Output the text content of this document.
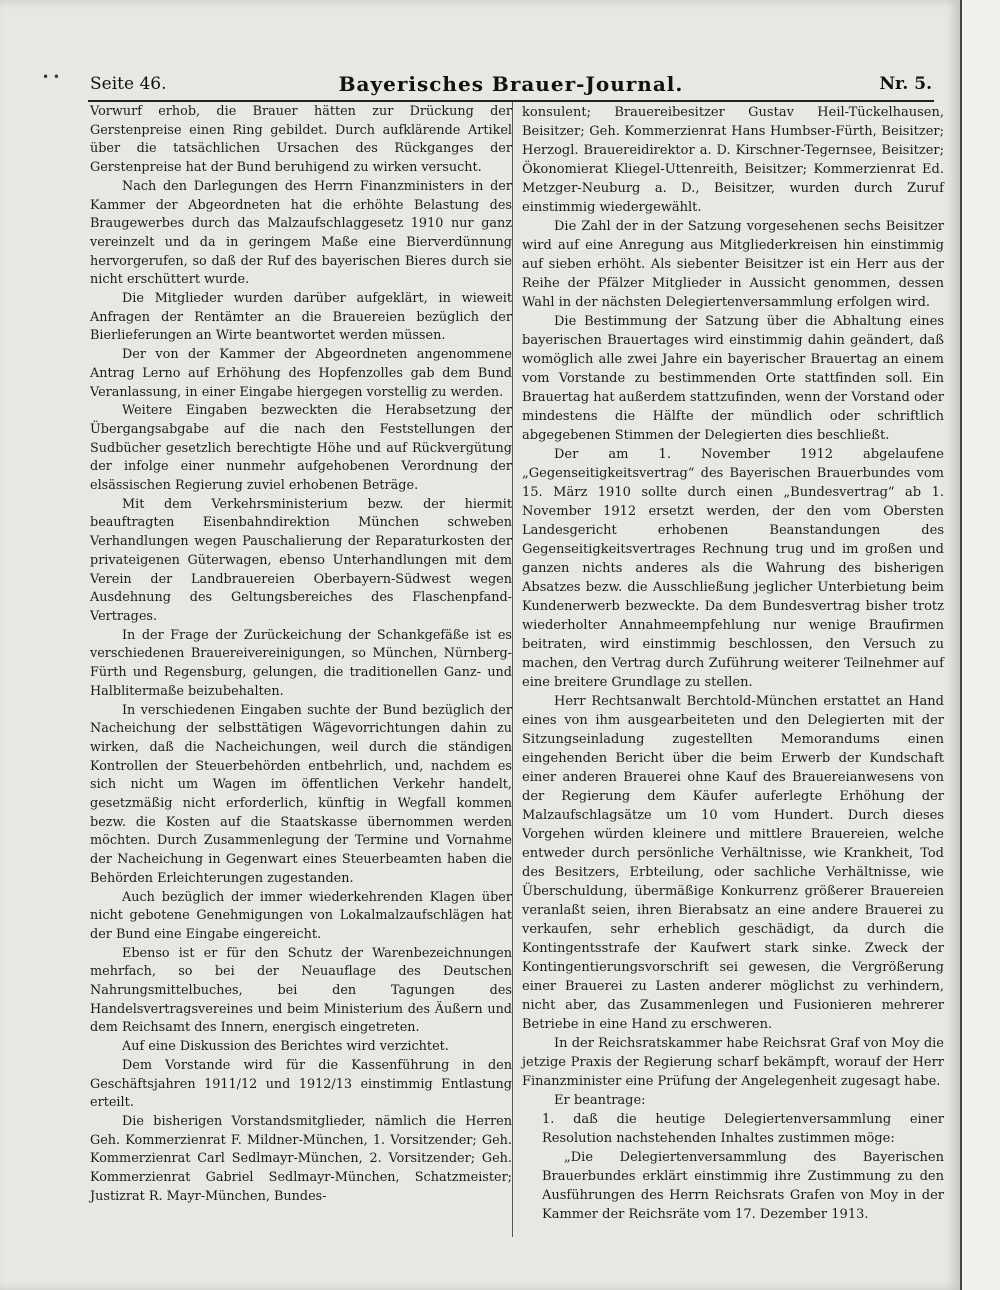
• • Seite 46.	Bayerisches Brauer-Journal.	Nr. 5.

Vorwurf erhob, die Brauer hätten zur Drückung der Gerstenpreise einen Ring gebildet. Durch aufklärende Artikel über die tatsächlichen Ursachen des Rückganges der Gerstenpreise hat der Bund beruhigend zu wirken versucht.

Nach den Darlegungen des Herrn Finanzministers in der Kammer der Abgeordneten hat die erhöhte Belastung des Braugewerbes durch das Malzaufschlaggesetz 1910 nur ganz vereinzelt und da in geringem Maße eine Bierverdünnung hervorgerufen, so daß der Ruf des bayerischen Bieres durch sie nicht erschüttert wurde.

Die Mitglieder wurden darüber aufgeklärt, in wieweit Anfragen der Rentämter an die Brauereien bezüglich der Bierlieferungen an Wirte beantwortet werden müssen.

Der von der Kammer der Abgeordneten angenommene Antrag Lerno auf Erhöhung des Hopfenzolles gab dem Bund Veranlassung, in einer Eingabe hiergegen vorstellig zu werden.

Weitere Eingaben bezweckten die Herabsetzung der Übergangsabgabe auf die nach den Feststellungen der Sudbücher gesetzlich berechtigte Höhe und auf Rückvergütung der infolge einer nunmehr aufgehobenen Verordnung der elsässischen Regierung zuviel erhobenen Beträge.

Mit dem Verkehrsministerium bezw. der hiermit beauftragten Eisenbahndirektion München schweben Verhandlungen wegen Pauschalierung der Reparaturkosten der privateigenen Güterwagen, ebenso Unterhandlungen mit dem Verein der Landbrauereien Oberbayern-Südwest wegen Ausdehnung des Geltungsbereiches des Flaschenpfand-Vertrages.

In der Frage der Zurückeichung der Schankgefäße ist es verschiedenen Brauereivereinigungen, so München, Nürnberg-Fürth und Regensburg, gelungen, die traditionellen Ganz- und Halblitermaße beizubehalten.

In verschiedenen Eingaben suchte der Bund bezüglich der Nacheichung der selbsttätigen Wägevorrichtungen dahin zu wirken, daß die Nacheichungen, weil durch die ständigen Kontrollen der Steuerbehörden entbehrlich, und, nachdem es sich nicht um Wagen im öffentlichen Verkehr handelt, gesetzmäßig nicht erforderlich, künftig in Wegfall kommen bezw. die Kosten auf die Staatskasse übernommen werden möchten. Durch Zusammenlegung der Termine und Vornahme der Nacheichung in Gegenwart eines Steuerbeamten haben die Behörden Erleichterungen zugestanden.

Auch bezüglich der immer wiederkehrenden Klagen über nicht gebotene Genehmigungen von Lokalmalzaufschlägen hat der Bund eine Eingabe eingereicht.

Ebenso ist er für den Schutz der Warenbezeichnungen mehrfach, so bei der Neuauflage des Deutschen Nahrungsmittelbuches, bei den Tagungen des Handelsvertragsvereines und beim Ministerium des Äußern und dem Reichsamt des Innern, energisch eingetreten.

Auf eine Diskussion des Berichtes wird verzichtet.

Dem Vorstande wird für die Kassenführung in den Geschäftsjahren 1911/12 und 1912/13 einstimmig Entlastung erteilt.

Die bisherigen Vorstandsmitglieder, nämlich die Herren Geh. Kommerzienrat F. Mildner-München, 1. Vorsitzender; Geh. Kommerzienrat Carl Sedlmayr-München, 2. Vorsitzender; Geh. Kommerzienrat Gabriel Sedlmayr-München, Schatzmeister; Justizrat R. Mayr-München, Bundes-

konsulent; Brauereibesitzer Gustav Heil-Tückelhausen, Beisitzer; Geh. Kommerzienrat Hans Humbser-Fürth, Beisitzer; Herzogl. Brauereidirektor a. D. Kirschner-Tegernsee, Beisitzer; Ökonomierat Kliegel-Uttenreith, Beisitzer; Kommerzienrat Ed. Metzger-Neuburg a. D., Beisitzer, wurden durch Zuruf einstimmig wiedergewählt.

Die Zahl der in der Satzung vorgesehenen sechs Beisitzer wird auf eine Anregung aus Mitgliederkreisen hin einstimmig auf sieben erhöht. Als siebenter Beisitzer ist ein Herr aus der Reihe der Pfälzer Mitglieder in Aussicht genommen, dessen Wahl in der nächsten Delegiertenversammlung erfolgen wird.

Die Bestimmung der Satzung über die Abhaltung eines bayerischen Brauertages wird einstimmig dahin geändert, daß womöglich alle zwei Jahre ein bayerischer Brauertag an einem vom Vorstande zu bestimmenden Orte stattfinden soll. Ein Brauertag hat außerdem stattzufinden, wenn der Vorstand oder mindestens die Hälfte der mündlich oder schriftlich abgegebenen Stimmen der Delegierten dies beschließt.

Der am 1. November 1912 abgelaufene „Gegenseitigkeitsvertrag“ des Bayerischen Brauerbundes vom 15. März 1910 sollte durch einen „Bundesvertrag“ ab 1. November 1912 ersetzt werden, der den vom Obersten Landesgericht erhobenen Beanstandungen des Gegenseitigkeitsvertrages Rechnung trug und im großen und ganzen nichts anderes als die Wahrung des bisherigen Absatzes bezw. die Ausschließung jeglicher Unterbietung beim Kundenerwerb bezweckte. Da dem Bundesvertrag bisher trotz wiederholter Annahmeempfehlung nur wenige Braufirmen beitraten, wird einstimmig beschlossen, den Versuch zu machen, den Vertrag durch Zuführung weiterer Teilnehmer auf eine breitere Grundlage zu stellen.

Herr Rechtsanwalt Berchtold-München erstattet an Hand eines von ihm ausgearbeiteten und den Delegierten mit der Sitzungseinladung zugestellten Memorandums einen eingehenden Bericht über die beim Erwerb der Kundschaft einer anderen Brauerei ohne Kauf des Brauereianwesens von der Regierung dem Käufer auferlegte Erhöhung der Malzaufschlagsätze um 10 vom Hundert. Durch dieses Vorgehen würden kleinere und mittlere Brauereien, welche entweder durch persönliche Verhältnisse, wie Krankheit, Tod des Besitzers, Erbteilung, oder sachliche Verhältnisse, wie Überschuldung, übermäßige Konkurrenz größerer Brauereien veranlaßt seien, ihren Bierabsatz an eine andere Brauerei zu verkaufen, sehr erheblich geschädigt, da durch die Kontingentsstrafe der Kaufwert stark sinke. Zweck der Kontingentierungsvorschrift sei gewesen, die Vergrößerung einer Brauerei zu Lasten anderer möglichst zu verhindern, nicht aber, das Zusammenlegen und Fusionieren mehrerer Betriebe in eine Hand zu erschweren.

In der Reichsratskammer habe Reichsrat Graf von Moy die jetzige Praxis der Regierung scharf bekämpft, worauf der Herr Finanzminister eine Prüfung der Angelegenheit zugesagt habe.

Er beantrage:

1. daß die heutige Delegiertenversammlung einer Resolution nachstehenden Inhaltes zustimmen möge:

„Die Delegiertenversammlung des Bayerischen Brauerbundes erklärt einstimmig ihre Zustimmung zu den Ausführungen des Herrn Reichsrats Grafen von Moy in der Kammer der Reichsräte vom 17. Dezember 1913.
